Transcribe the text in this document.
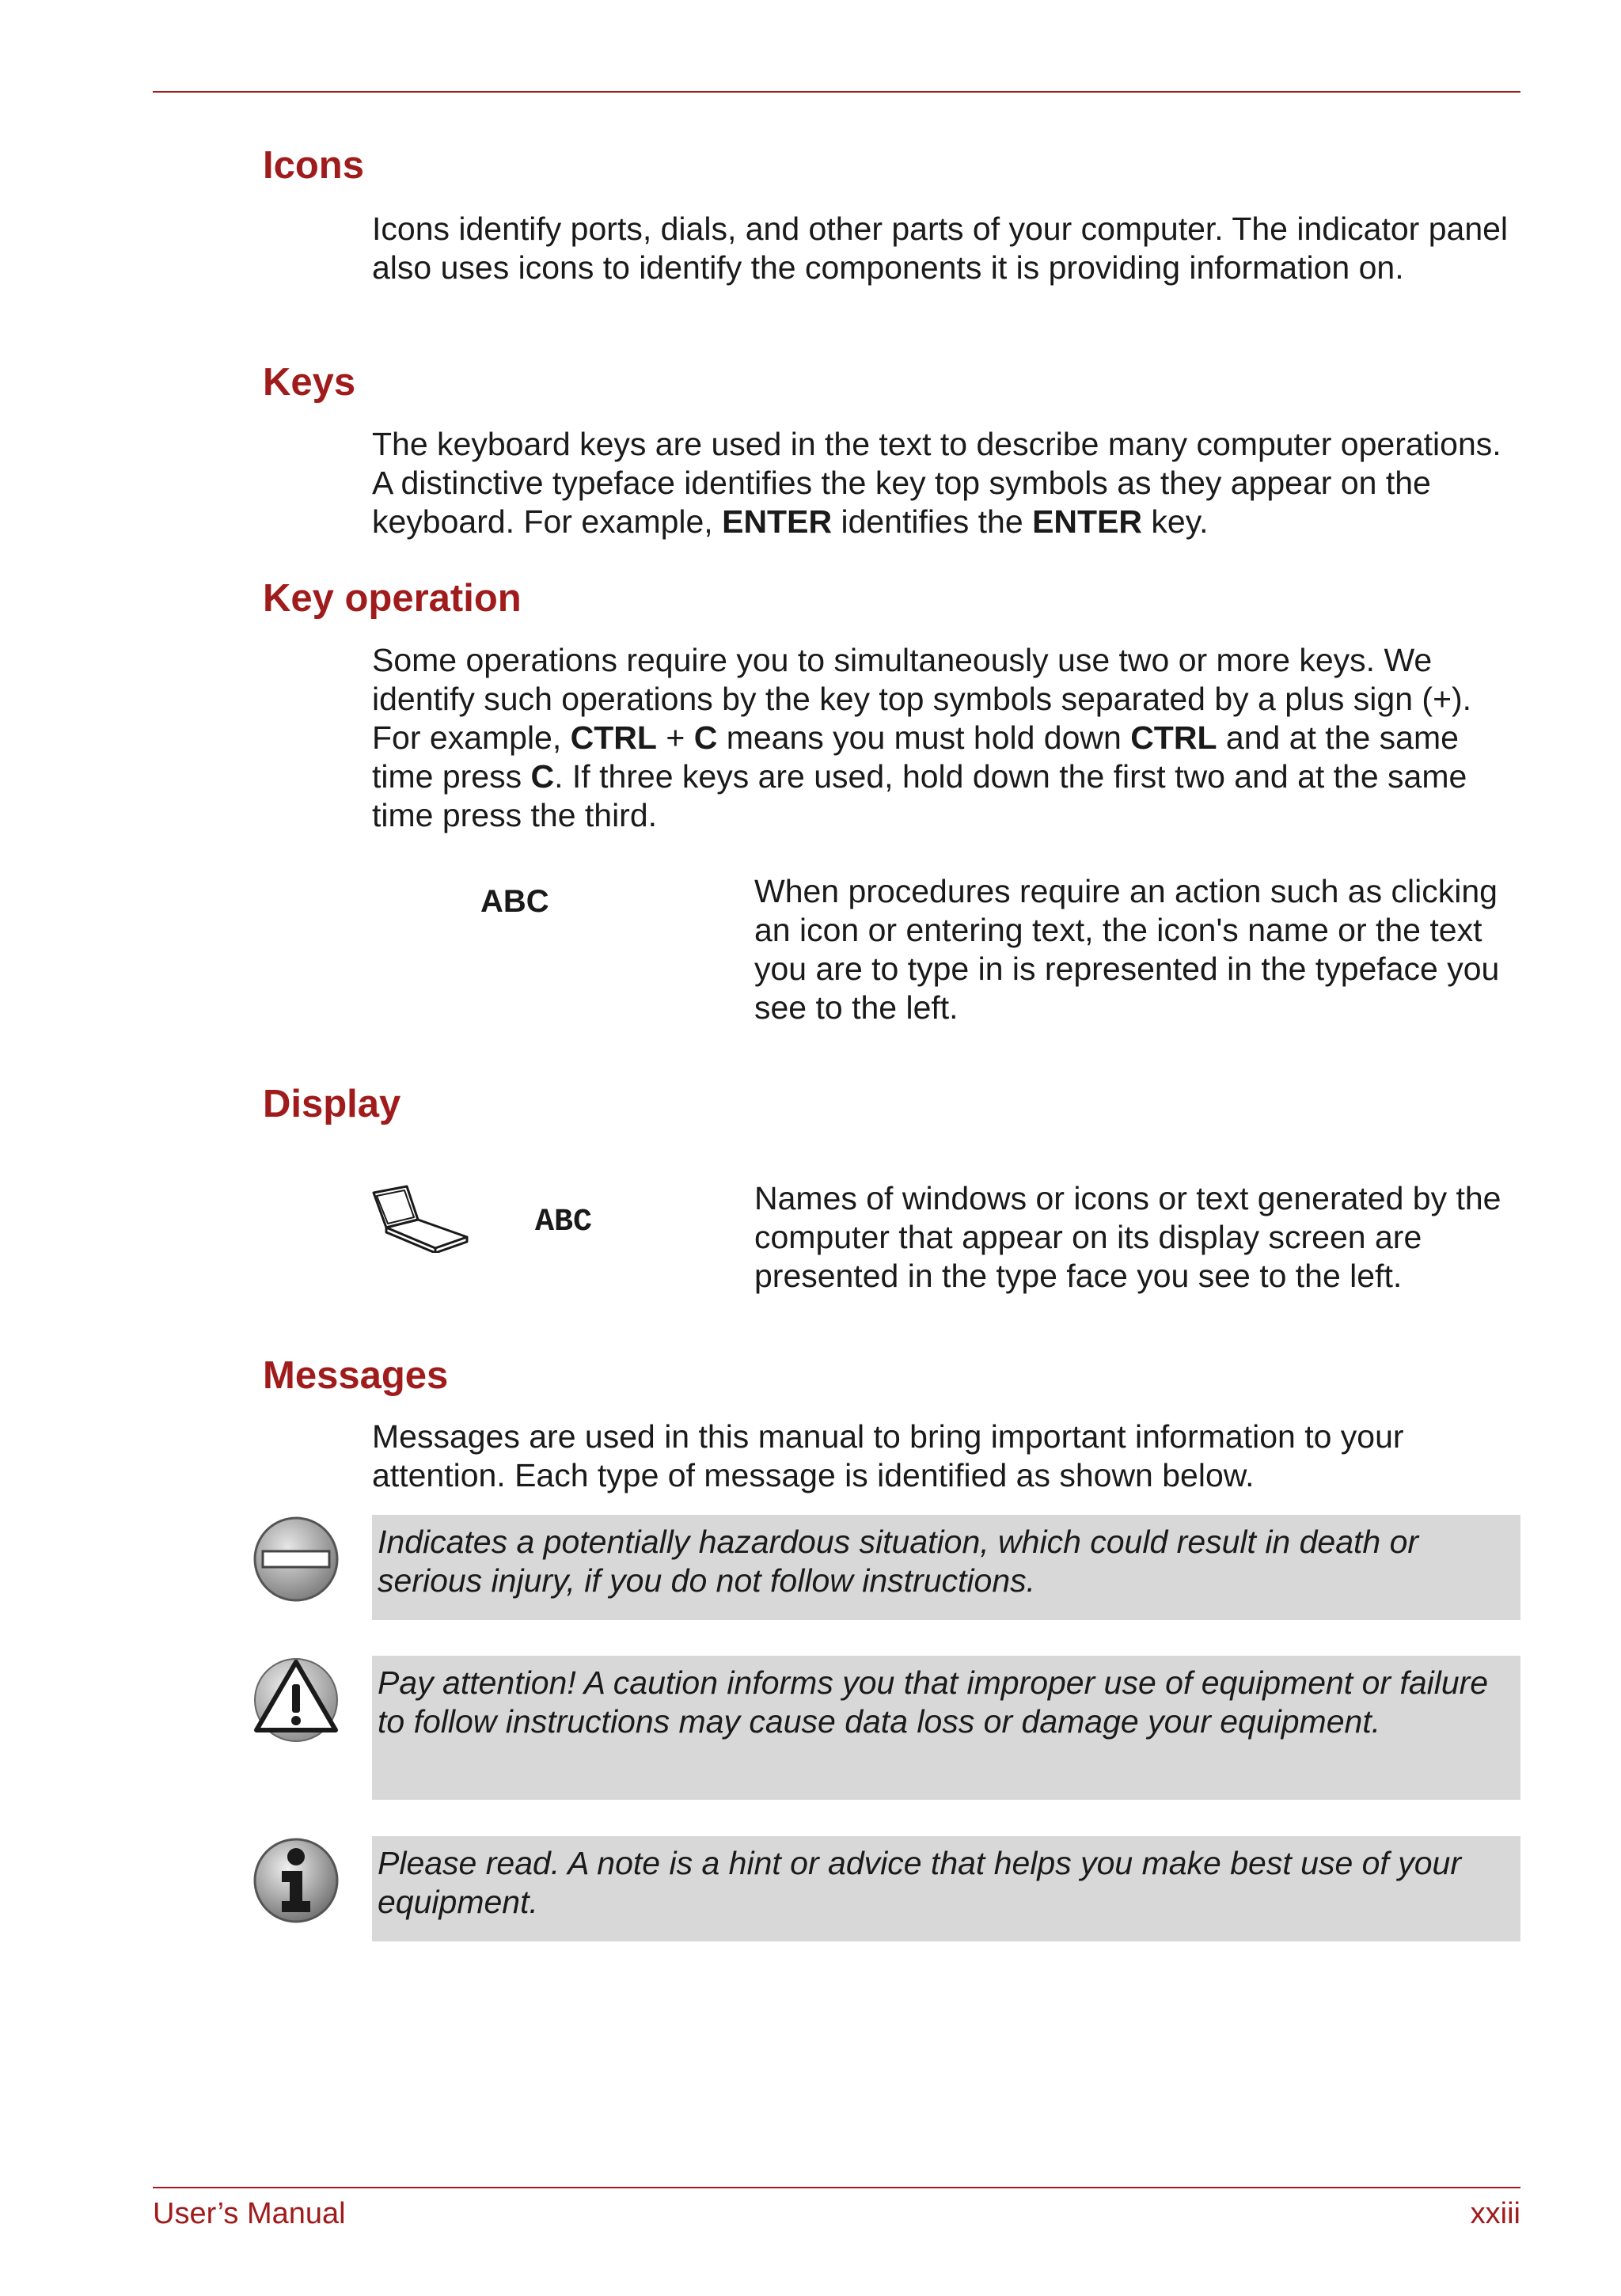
Icons

Icons identify ports, dials, and other parts of your computer. The indicator panel also uses icons to identify the components it is providing information on.

Keys

The keyboard keys are used in the text to describe many computer operations. A distinctive typeface identifies the key top symbols as they appear on the keyboard. For example, ENTER identifies the ENTER key.

Key operation

Some operations require you to simultaneously use two or more keys. We identify such operations by the key top symbols separated by a plus sign (+). For example, CTRL + C means you must hold down CTRL and at the same time press C. If three keys are used, hold down the first two and at the same time press the third.

ABC	When procedures require an action such as clicking an icon or entering text, the icon's name or the text you are to type in is represented in the typeface you see to the left.

Display
ABC

Names of windows or icons or text generated by the computer that appear on its display screen are presented in the type face you see to the left.

Messages

Messages are used in this manual to bring important information to your attention. Each type of message is identified as shown below.

Indicates a potentially hazardous situation, which could result in death or serious injury, if you do not follow instructions.

Pay attention! A caution informs you that improper use of equipment or failure to follow instructions may cause data loss or damage your equipment.

Please read. A note is a hint or advice that helps you make best use of your equipment.

User’s Manual	xxiii
